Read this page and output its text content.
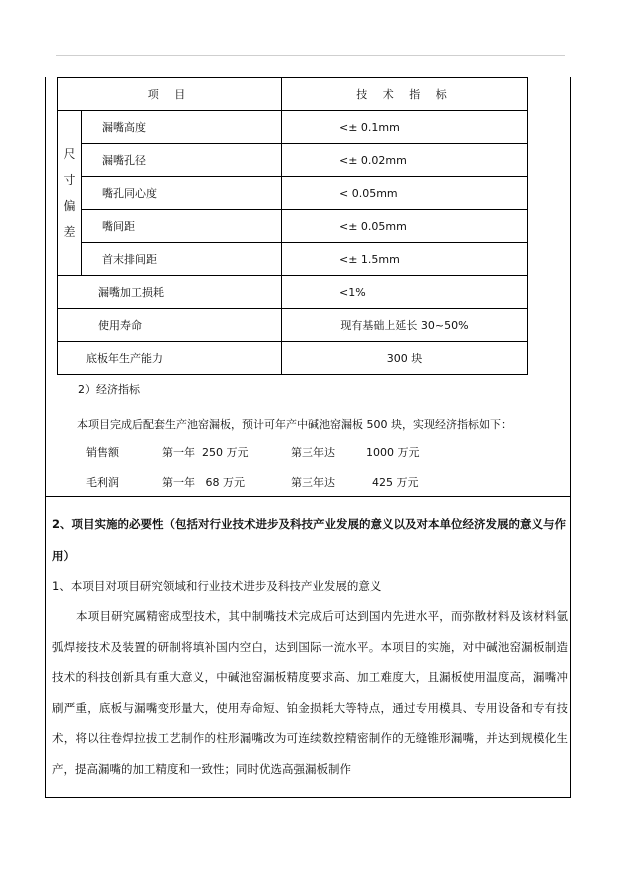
项 目		技 术 指 标

尺
寸
偏
差	漏嘴高度	<± 0.1mm
	漏嘴孔径	<± 0.02mm
	嘴孔同心度	< 0.05mm
	嘴间距	<± 0.05mm
	首末排间距	<± 1.5mm
漏嘴加工损耗		<1%
使用寿命		现有基础上延长 30~50%
底板年生产能力		300 块
2）经济指标
本项目完成后配套生产池窑漏板，预计可年产中碱池窑漏板 500 块，实现经济指标如下：
销售额	第一年  250 万元	第三年达	1000 万元
毛利润	第一年   68 万元	第三年达	425 万元
2、项目实施的必要性（包括对行业技术进步及科技产业发展的意义以及对本单位经济发展的意义与作用）
1、本项目对项目研究领域和行业技术进步及科技产业发展的意义
本项目研究属精密成型技术，其中制嘴技术完成后可达到国内先进水平，而弥散材料及该材料氩弧焊接技术及装置的研制将填补国内空白，达到国际一流水平。本项目的实施，对中碱池窑漏板制造技术的科技创新具有重大意义，中碱池窑漏板精度要求高、加工难度大，且漏板使用温度高，漏嘴冲刷严重，底板与漏嘴变形量大，使用寿命短、铂金损耗大等特点，通过专用模具、专用设备和专有技术，将以往卷焊拉拔工艺制作的柱形漏嘴改为可连续数控精密制作的无缝锥形漏嘴，并达到规模化生产，提高漏嘴的加工精度和一致性；同时优选高强漏板制作
